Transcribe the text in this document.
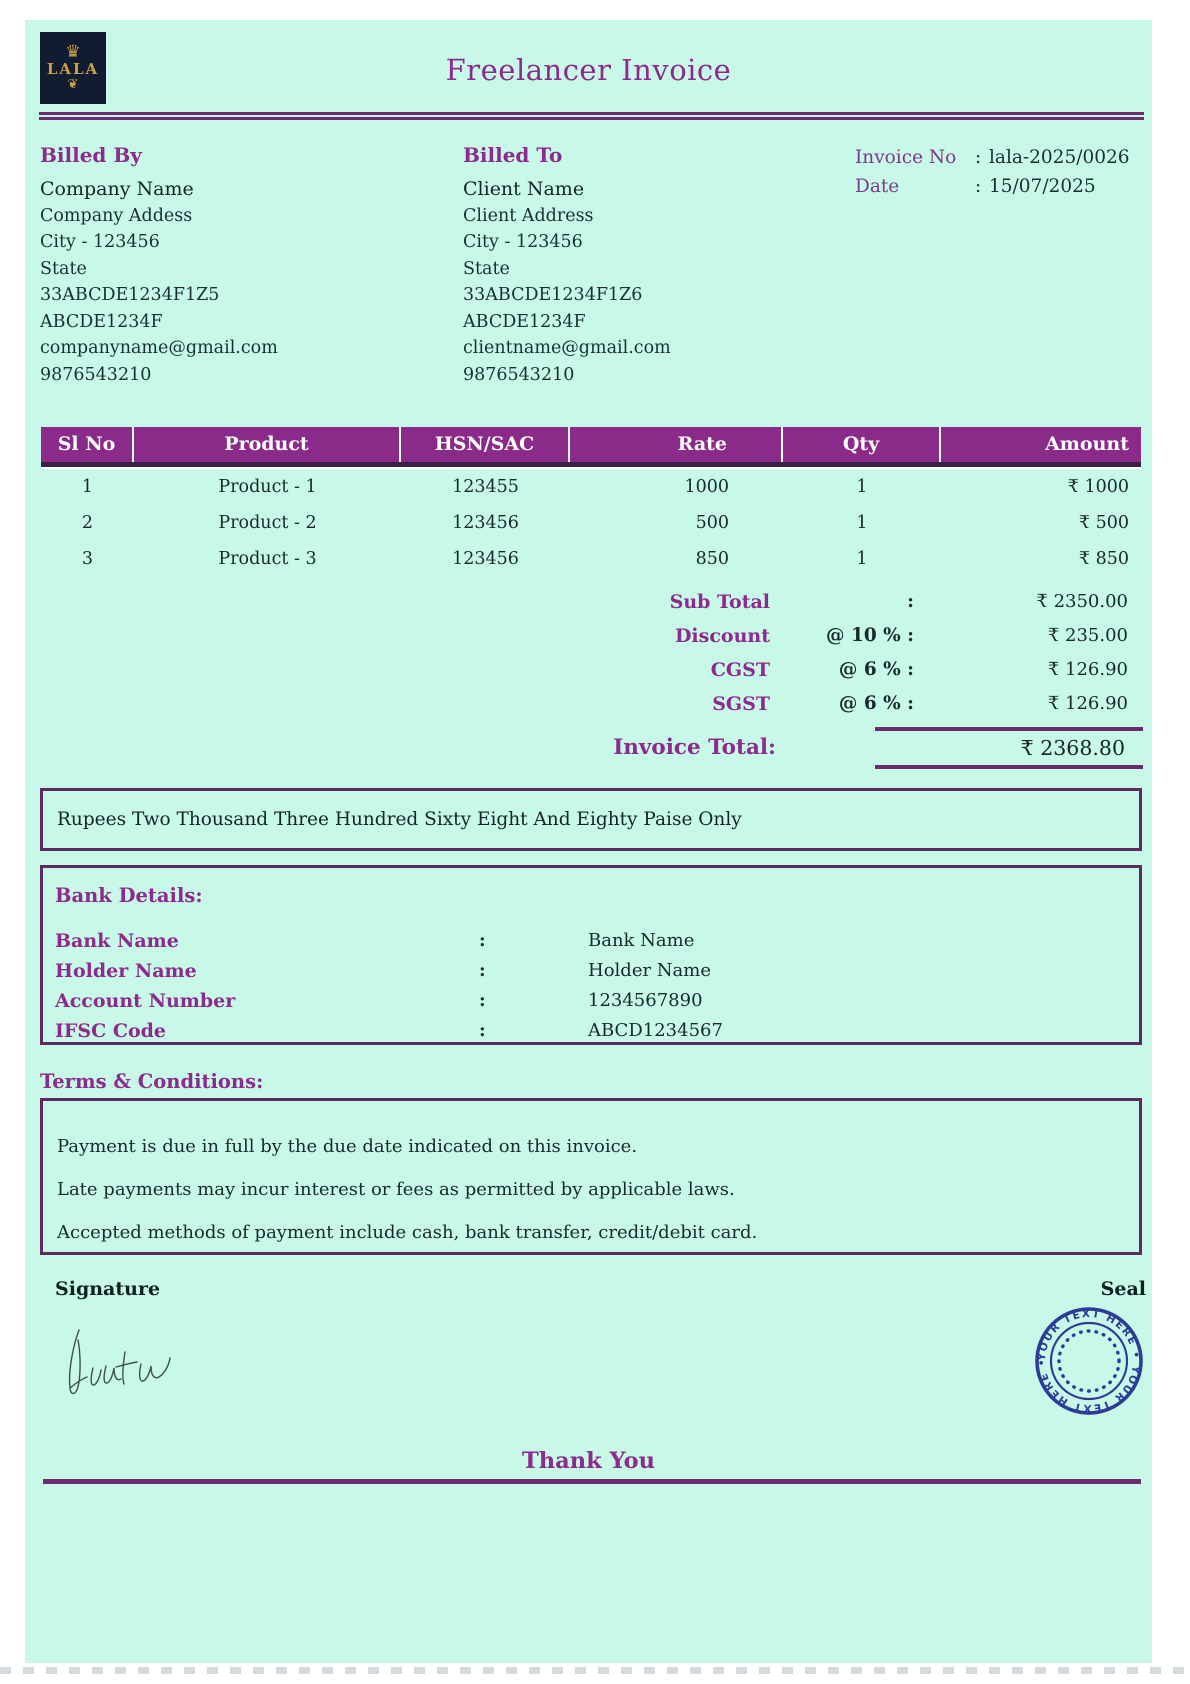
♛
LALA
❦	Freelancer Invoice
Billed By

Company Name

Company Addess

City - 123456

State

33ABCDE1234F1Z5

ABCDE1234F

companyname@gmail.com

9876543210

Billed To

Client Name

Client Address

City - 123456

State

33ABCDE1234F1Z6

ABCDE1234F

clientname@gmail.com

9876543210

Invoice No	: lala-2025/0026
Date	: 15/07/2025
Sl No	Product	HSN/SAC	Rate	Qty	Amount
1	Product - 1	123455	1000	1	₹ 1000
2	Product - 2	123456	500	1	₹ 500
3	Product - 3	123456	850	1	₹ 850
Sub Total	:	₹ 2350.00
Discount	@ 10 % :	₹ 235.00
CGST	@ 6 % :	₹ 126.90
SGST	@ 6 % :	₹ 126.90
Invoice Total:	₹ 2368.80
Rupees Two Thousand Three Hundred Sixty Eight And Eighty Paise Only
Bank Details:
Bank Name	:	Bank Name
Holder Name	:	Holder Name
Account Number	:	1234567890
IFSC Code	:	ABCD1234567
Terms & Conditions:

Payment is due in full by the due date indicated on this invoice.

Late payments may incur interest or fees as permitted by applicable laws.

Accepted methods of payment include cash, bank transfer, credit/debit card.

Signature	Seal
YOUR TEXT HERE • YOUR TEXT HERE •
Thank You
